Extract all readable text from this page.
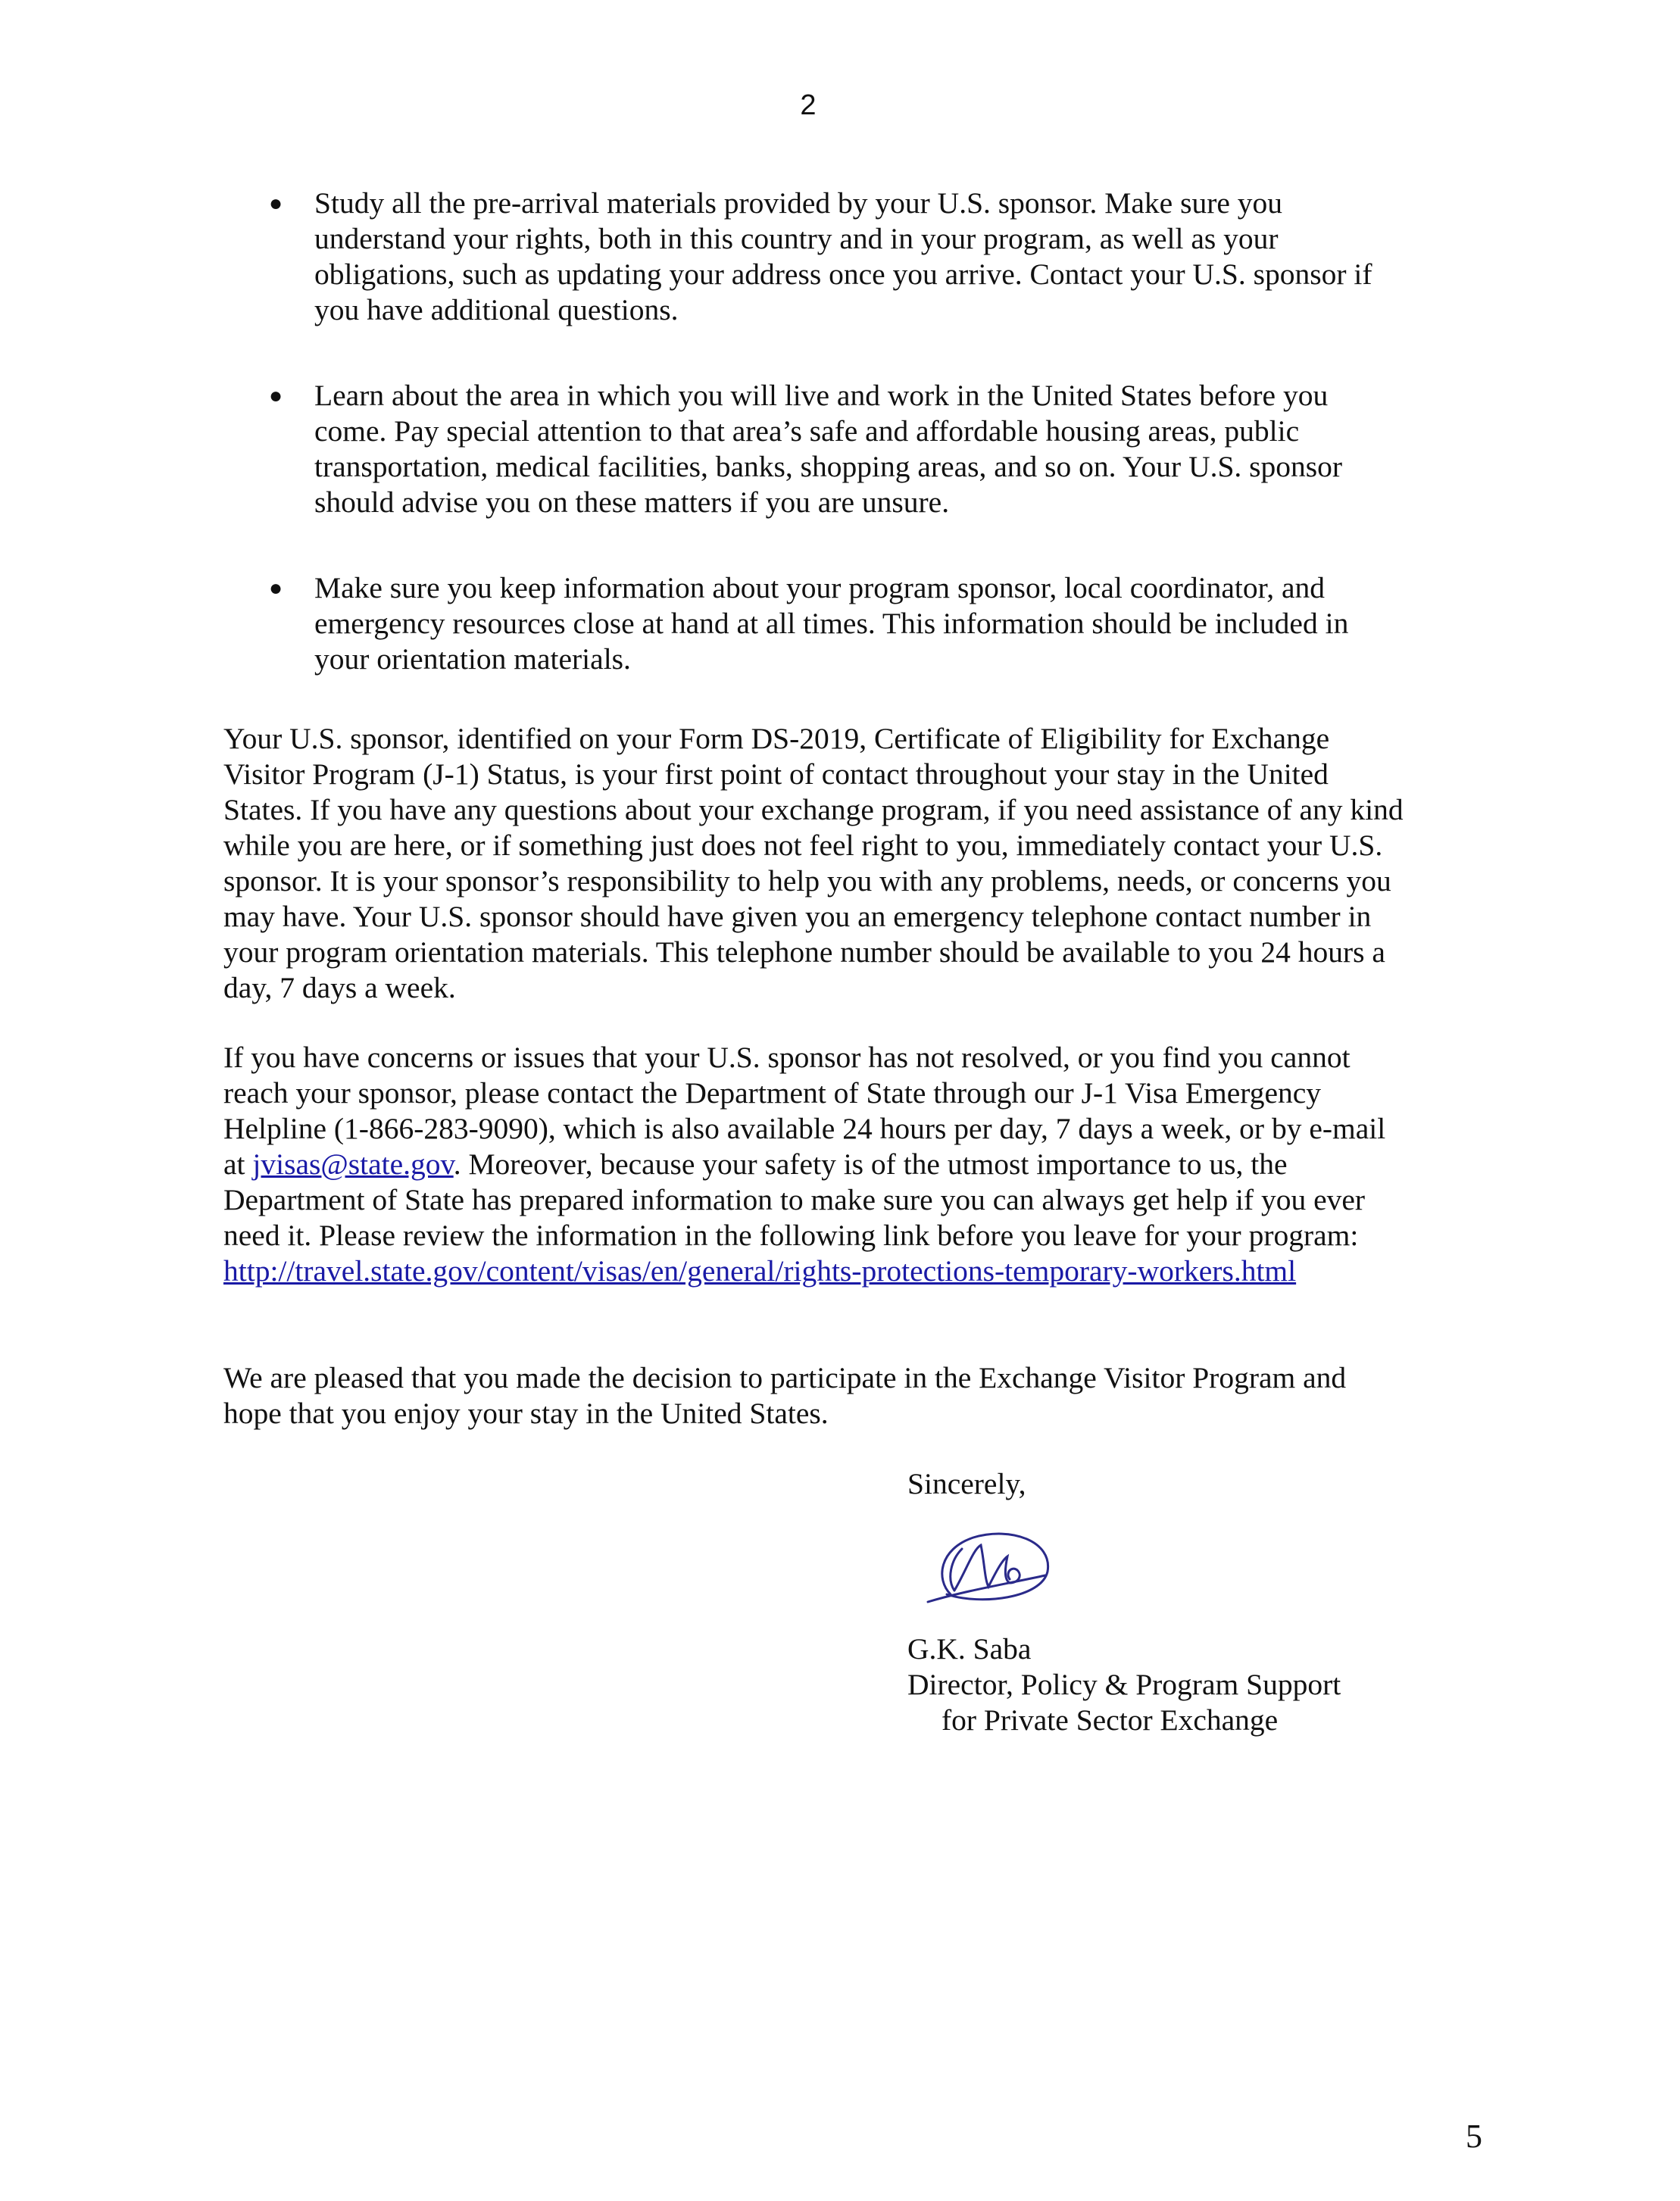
2
● Study all the pre-arrival materials provided by your U.S. sponsor. Make sure you understand your rights, both in this country and in your program, as well as your obligations, such as updating your address once you arrive. Contact your U.S. sponsor if you have additional questions.
● Learn about the area in which you will live and work in the United States before you come. Pay special attention to that area’s safe and affordable housing areas, public transportation, medical facilities, banks, shopping areas, and so on. Your U.S. sponsor should advise you on these matters if you are unsure.
● Make sure you keep information about your program sponsor, local coordinator, and emergency resources close at hand at all times. This information should be included in your orientation materials.

Your U.S. sponsor, identified on your Form DS-2019, Certificate of Eligibility for Exchange Visitor Program (J-1) Status, is your first point of contact throughout your stay in the United States. If you have any questions about your exchange program, if you need assistance of any kind while you are here, or if something just does not feel right to you, immediately contact your U.S. sponsor. It is your sponsor’s responsibility to help you with any problems, needs, or concerns you may have. Your U.S. sponsor should have given you an emergency telephone contact number in your program orientation materials. This telephone number should be available to you 24 hours a day, 7 days a week.

If you have concerns or issues that your U.S. sponsor has not resolved, or you find you cannot reach your sponsor, please contact the Department of State through our J-1 Visa Emergency Helpline (1-866-283-9090), which is also available 24 hours per day, 7 days a week, or by e-mail at jvisas@state.gov. Moreover, because your safety is of the utmost importance to us, the Department of State has prepared information to make sure you can always get help if you ever need it. Please review the information in the following link before you leave for your program: http://travel.state.gov/content/visas/en/general/rights-protections-temporary-workers.html

We are pleased that you made the decision to participate in the Exchange Visitor Program and hope that you enjoy your stay in the United States.

Sincerely,
G.K. Saba
Director, Policy & Program Support
for Private Sector Exchange
5
